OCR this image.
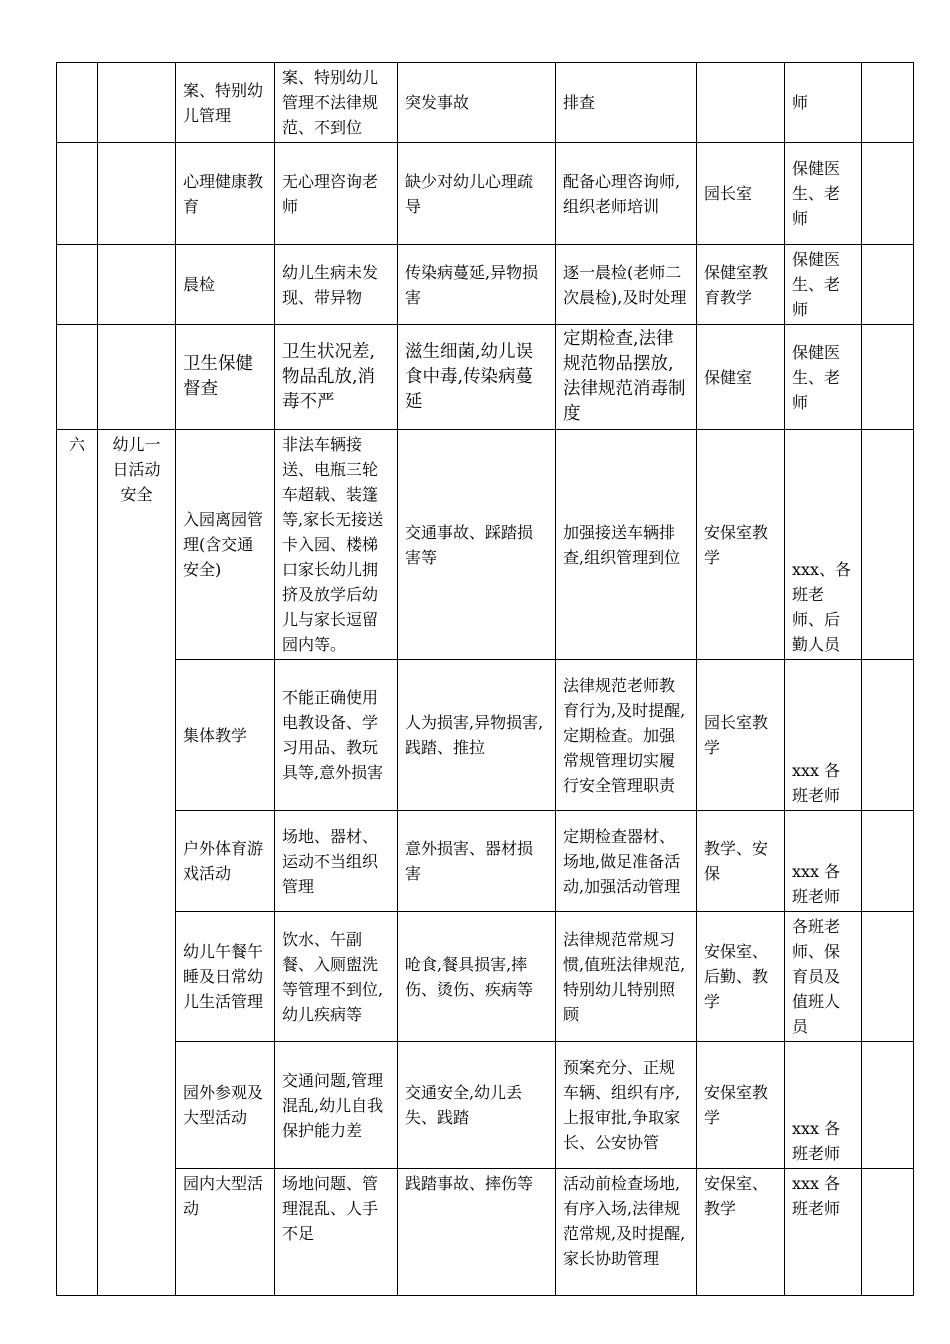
		案、特别幼儿管理	案、特别幼儿管理不法律规范、不到位	突发事故	排查		师	
		心理健康教育	无心理咨询老师	缺少对幼儿心理疏导	配备心理咨询师,组织老师培训	园长室	保健医生、老师	
		晨检	幼儿生病未发现、带异物	传染病蔓延,异物损害	逐一晨检(老师二次晨检),及时处理	保健室教育教学	保健医生、老师	
		卫生保健督查	卫生状况差,物品乱放,消毒不严	滋生细菌,幼儿误食中毒,传染病蔓延	定期检查,法律规范物品摆放,法律规范消毒制度	保健室	保健医生、老师	
六	幼儿一日活动安全	入园离园管理(含交通安全)	非法车辆接送、电瓶三轮车超载、装篷等,家长无接送卡入园、楼梯口家长幼儿拥挤及放学后幼儿与家长逗留园内等。	交通事故、踩踏损害等	加强接送车辆排查,组织管理到位	安保室教学	xxx、各班老师、后勤人员	
		集体教学	不能正确使用电教设备、学习用品、教玩具等,意外损害	人为损害,异物损害,践踏、推拉	法律规范老师教育行为,及时提醒,定期检查。加强常规管理切实履行安全管理职责	园长室教学	xxx 各班老师	
		户外体育游戏活动	场地、器材、运动不当组织管理	意外损害、器材损害	定期检查器材、场地,做足准备活动,加强活动管理	教学、安保	xxx 各班老师	
		幼儿午餐午睡及日常幼儿生活管理	饮水、午副餐、入厕盥洗等管理不到位,幼儿疾病等	呛食,餐具损害,摔伤、烫伤、疾病等	法律规范常规习惯,值班法律规范,特别幼儿特别照顾	安保室、后勤、教学	各班老师、保育员及值班人员	
		园外参观及大型活动	交通问题,管理混乱,幼儿自我保护能力差	交通安全,幼儿丢失、践踏	预案充分、正规车辆、组织有序,上报审批,争取家长、公安协管	安保室教学	xxx 各班老师	
		园内大型活动	场地问题、管理混乱、人手不足	践踏事故、摔伤等	活动前检查场地,有序入场,法律规范常规,及时提醒,家长协助管理	安保室、教学	xxx 各班老师	
